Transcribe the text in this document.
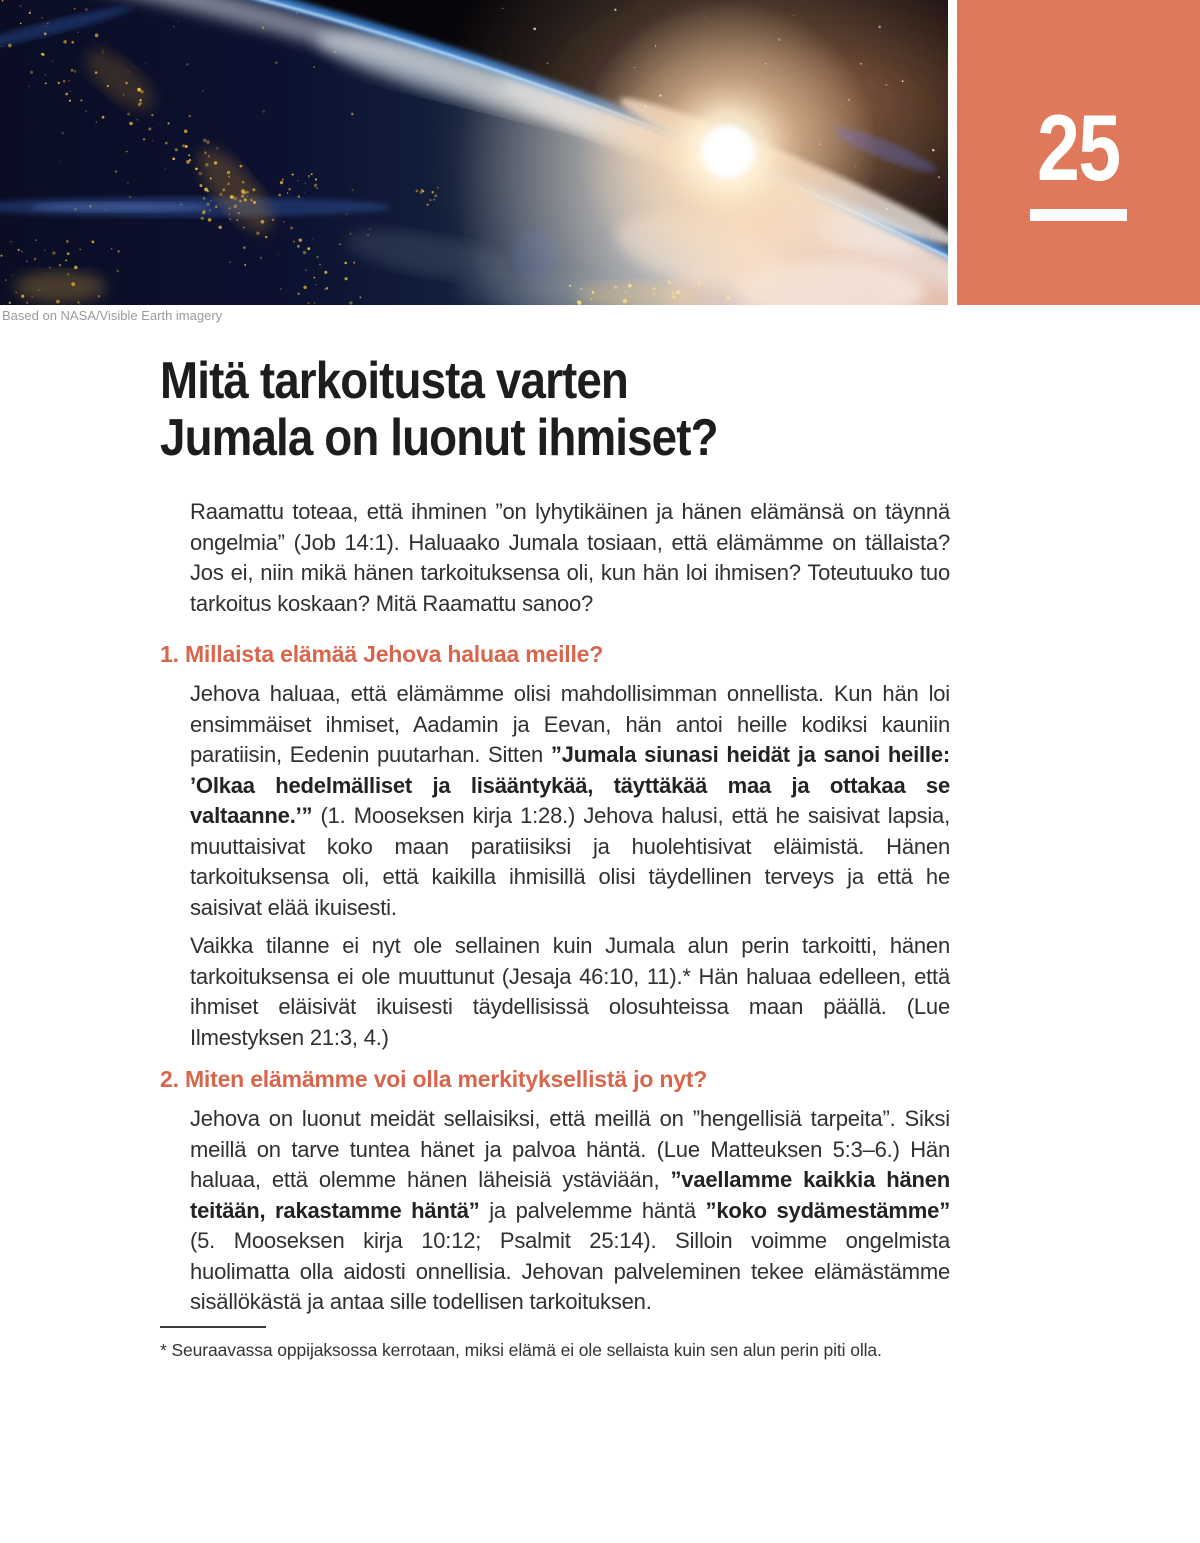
25
Based on NASA/Visible Earth imagery
Mitä tarkoitusta varten
Jumala on luonut ihmiset?

Raamattu toteaa, että ihminen ”on lyhytikäinen ja hänen elämänsä on täynnä ongelmia” (Job 14:1). Haluaako Jumala tosiaan, että elämämme on tällaista? Jos ei, niin mikä hänen tarkoituksensa oli, kun hän loi ihmisen? Toteutuuko tuo tarkoitus koskaan? Mitä Raamattu sanoo?

1. Millaista elämää Jehova haluaa meille?

Jehova haluaa, että elämämme olisi mahdollisimman onnellista. Kun hän loi ensimmäiset ihmiset, Aadamin ja Eevan, hän antoi heille kodiksi kauniin paratiisin, Eedenin puutarhan. Sitten ”Jumala siunasi heidät ja sanoi heille: ’Olkaa hedelmälliset ja lisääntykää, täyttäkää maa ja ottakaa se valtaanne.’” (1. Mooseksen kirja 1:28.) Jehova halusi, että he saisivat lapsia, muuttaisivat koko maan paratiisiksi ja huolehtisivat eläimistä. Hänen tarkoituksensa oli, että kaikilla ihmisillä olisi täydellinen terveys ja että he saisivat elää ikuisesti.

Vaikka tilanne ei nyt ole sellainen kuin Jumala alun perin tarkoitti, hänen tarkoituksensa ei ole muuttunut (Jesaja 46:10, 11).* Hän haluaa edelleen, että ihmiset eläisivät ikuisesti täydellisissä olosuhteissa maan päällä. (Lue Ilmestyksen 21:3, 4.)

2. Miten elämämme voi olla merkityksellistä jo nyt?

Jehova on luonut meidät sellaisiksi, että meillä on ”hengellisiä tarpeita”. Siksi meillä on tarve tuntea hänet ja palvoa häntä. (Lue Matteuksen 5:3–6.) Hän haluaa, että olemme hänen läheisiä ystäviään, ”vaellamme kaikkia hänen teitään, rakastamme häntä” ja palvelemme häntä ”koko sydämestämme” (5. Mooseksen kirja 10:12; Psalmit 25:14). Silloin voimme ongelmista huolimatta olla aidosti onnellisia. Jehovan palveleminen tekee elämästämme sisällökästä ja antaa sille todellisen tarkoituksen.

* Seuraavassa oppijaksossa kerrotaan, miksi elämä ei ole sellaista kuin sen alun perin piti olla.
